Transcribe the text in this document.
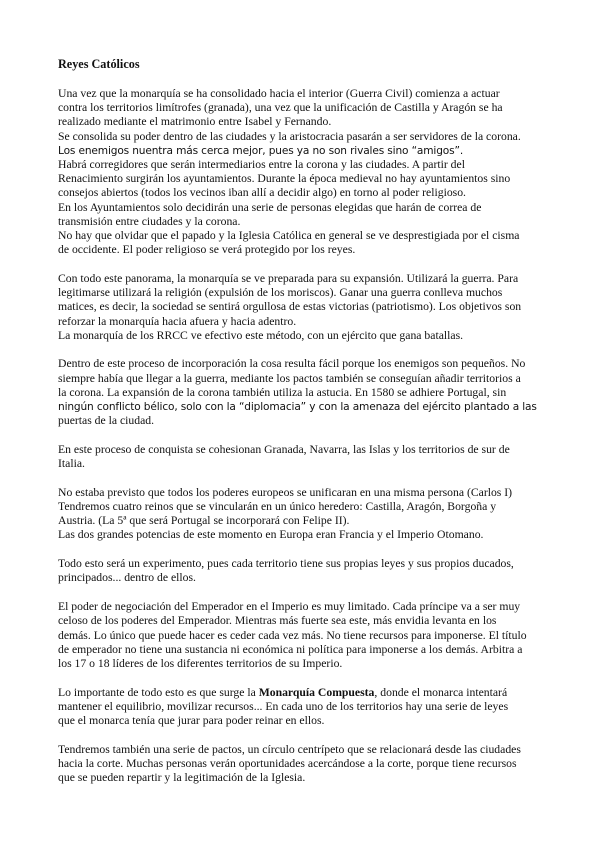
Reyes Católicos
Una vez que la monarquía se ha consolidado hacia el interior (Guerra Civil) comienza a actuar
contra los territorios limítrofes (granada), una vez que la unificación de Castilla y Aragón se ha
realizado mediante el matrimonio entre Isabel y Fernando.
Se consolida su poder dentro de las ciudades y la aristocracia pasarán a ser servidores de la corona.
Los enemigos nuentra más cerca mejor, pues ya no son rivales sino “amigos”.
Habrá corregidores que serán intermediarios entre la corona y las ciudades. A partir del
Renacimiento surgirán los ayuntamientos. Durante la época medieval no hay ayuntamientos sino
consejos abiertos (todos los vecinos iban allí a decidir algo) en torno al poder religioso.
En los Ayuntamientos solo decidirán una serie de personas elegidas que harán de correa de
transmisión entre ciudades y la corona.
No hay que olvidar que el papado y la Iglesia Católica en general se ve desprestigiada por el cisma
de occidente. El poder religioso se verá protegido por los reyes.
Con todo este panorama, la monarquía se ve preparada para su expansión. Utilizará la guerra. Para
legitimarse utilizará la religión (expulsión de los moriscos). Ganar una guerra conlleva muchos
matices, es decir, la sociedad se sentirá orgullosa de estas victorias (patriotismo). Los objetivos son
reforzar la monarquía hacia afuera y hacia adentro.
La monarquía de los RRCC ve efectivo este método, con un ejército que gana batallas.
Dentro de este proceso de incorporación la cosa resulta fácil porque los enemigos son pequeños. No
siempre había que llegar a la guerra, mediante los pactos también se conseguían añadir territorios a
la corona. La expansión de la corona también utiliza la astucia. En 1580 se adhiere Portugal, sin
ningún conflicto bélico, solo con la “diplomacia” y con la amenaza del ejército plantado a las
puertas de la ciudad.
En este proceso de conquista se cohesionan Granada, Navarra, las Islas y los territorios de sur de
Italia.
No estaba previsto que todos los poderes europeos se unificaran en una misma persona (Carlos I)
Tendremos cuatro reinos que se vincularán en un único heredero: Castilla, Aragón, Borgoña y
Austria. (La 5ª que será Portugal se incorporará con Felipe II).
Las dos grandes potencias de este momento en Europa eran Francia y el Imperio Otomano.
Todo esto será un experimento, pues cada territorio tiene sus propias leyes y sus propios ducados,
principados... dentro de ellos.
El poder de negociación del Emperador en el Imperio es muy limitado. Cada príncipe va a ser muy
celoso de los poderes del Emperador. Mientras más fuerte sea este, más envidia levanta en los
demás. Lo único que puede hacer es ceder cada vez más. No tiene recursos para imponerse. El título
de emperador no tiene una sustancia ni económica ni política para imponerse a los demás. Arbitra a
los 17 o 18 líderes de los diferentes territorios de su Imperio.
Lo importante de todo esto es que surge la Monarquía Compuesta, donde el monarca intentará
mantener el equilibrio, movilizar recursos... En cada uno de los territorios hay una serie de leyes
que el monarca tenía que jurar para poder reinar en ellos.
Tendremos también una serie de pactos, un círculo centrípeto que se relacionará desde las ciudades
hacia la corte. Muchas personas verán oportunidades acercándose a la corte, porque tiene recursos
que se pueden repartir y la legitimación de la Iglesia.
